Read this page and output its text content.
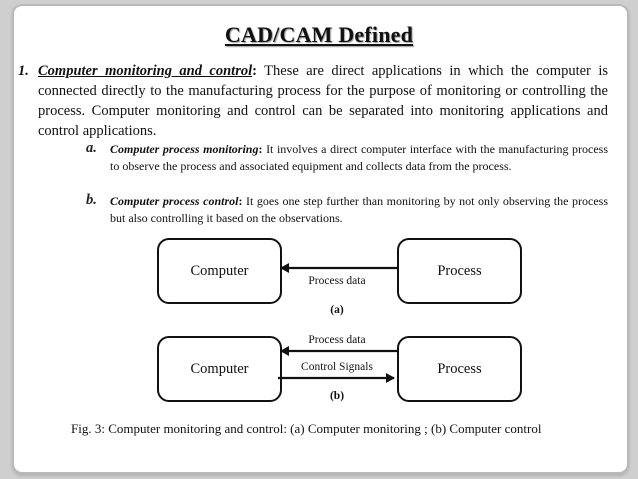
CAD/CAM Defined
1. Computer monitoring and control: These are direct applications in which the computer is connected directly to the manufacturing process for the purpose of monitoring or controlling the process. Computer monitoring and control can be separated into monitoring applications and control applications.
a. Computer process monitoring: It involves a direct computer interface with the manufacturing process to observe the process and associated equipment and collects data from the process.
b. Computer process control: It goes one step further than monitoring by not only observing the process but also controlling it based on the observations.
Computer	Process
Process data
(a)
Process data
Computer	Process
Control Signals
(b)
Fig. 3: Computer monitoring and control: (a) Computer monitoring ; (b) Computer control
